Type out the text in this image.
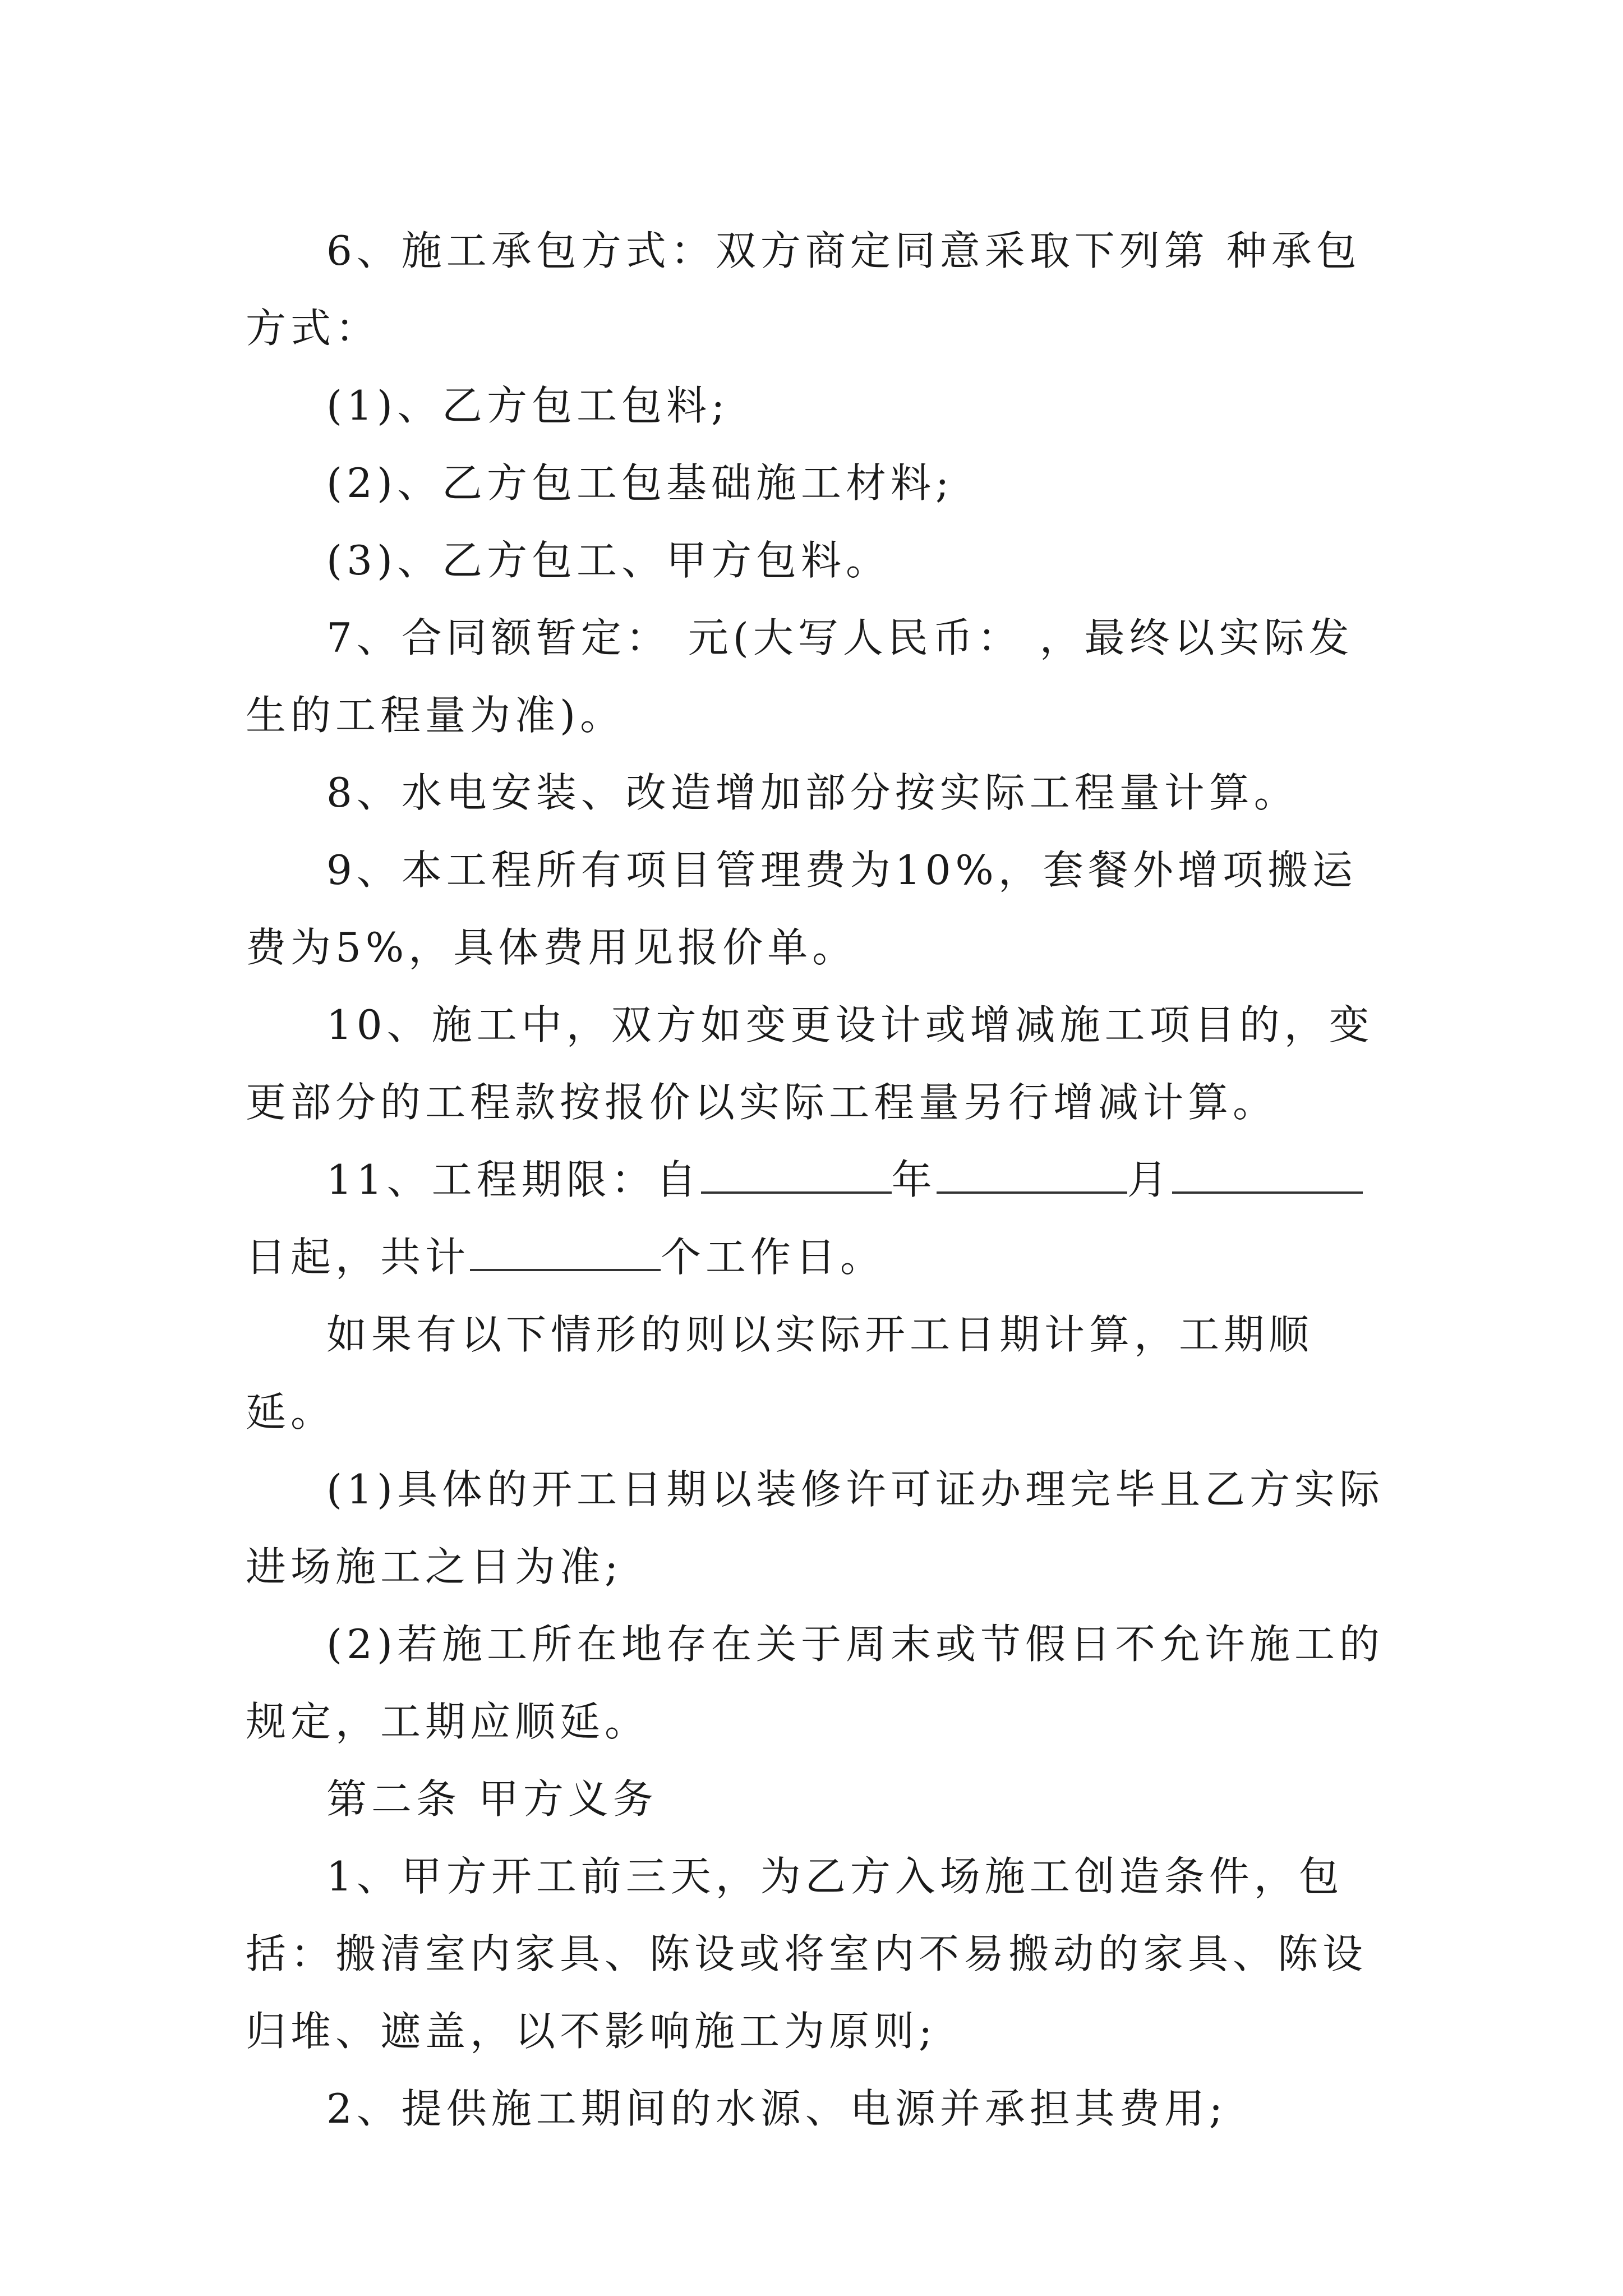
6、施工承包方式：双方商定同意采取下列第 种承包方式：

(1)、乙方包工包料;

(2)、乙方包工包基础施工材料;

(3)、乙方包工、甲方包料。

7、合同额暂定： 元(大写人民币： ，最终以实际发生的工程量为准)。

8、水电安装、改造增加部分按实际工程量计算。

9、本工程所有项目管理费为10%，套餐外增项搬运费为5%，具体费用见报价单。

10、施工中，双方如变更设计或增减施工项目的，变更部分的工程款按报价以实际工程量另行增减计算。

11、工程期限：自	年	月日起，共计	个工作日。

如果有以下情形的则以实际开工日期计算，工期顺延。

(1)具体的开工日期以装修许可证办理完毕且乙方实际进场施工之日为准;

(2)若施工所在地存在关于周末或节假日不允许施工的规定，工期应顺延。

第二条 甲方义务

1、甲方开工前三天，为乙方入场施工创造条件，包括：搬清室内家具、陈设或将室内不易搬动的家具、陈设归堆、遮盖，以不影响施工为原则;

2、提供施工期间的水源、电源并承担其费用;
